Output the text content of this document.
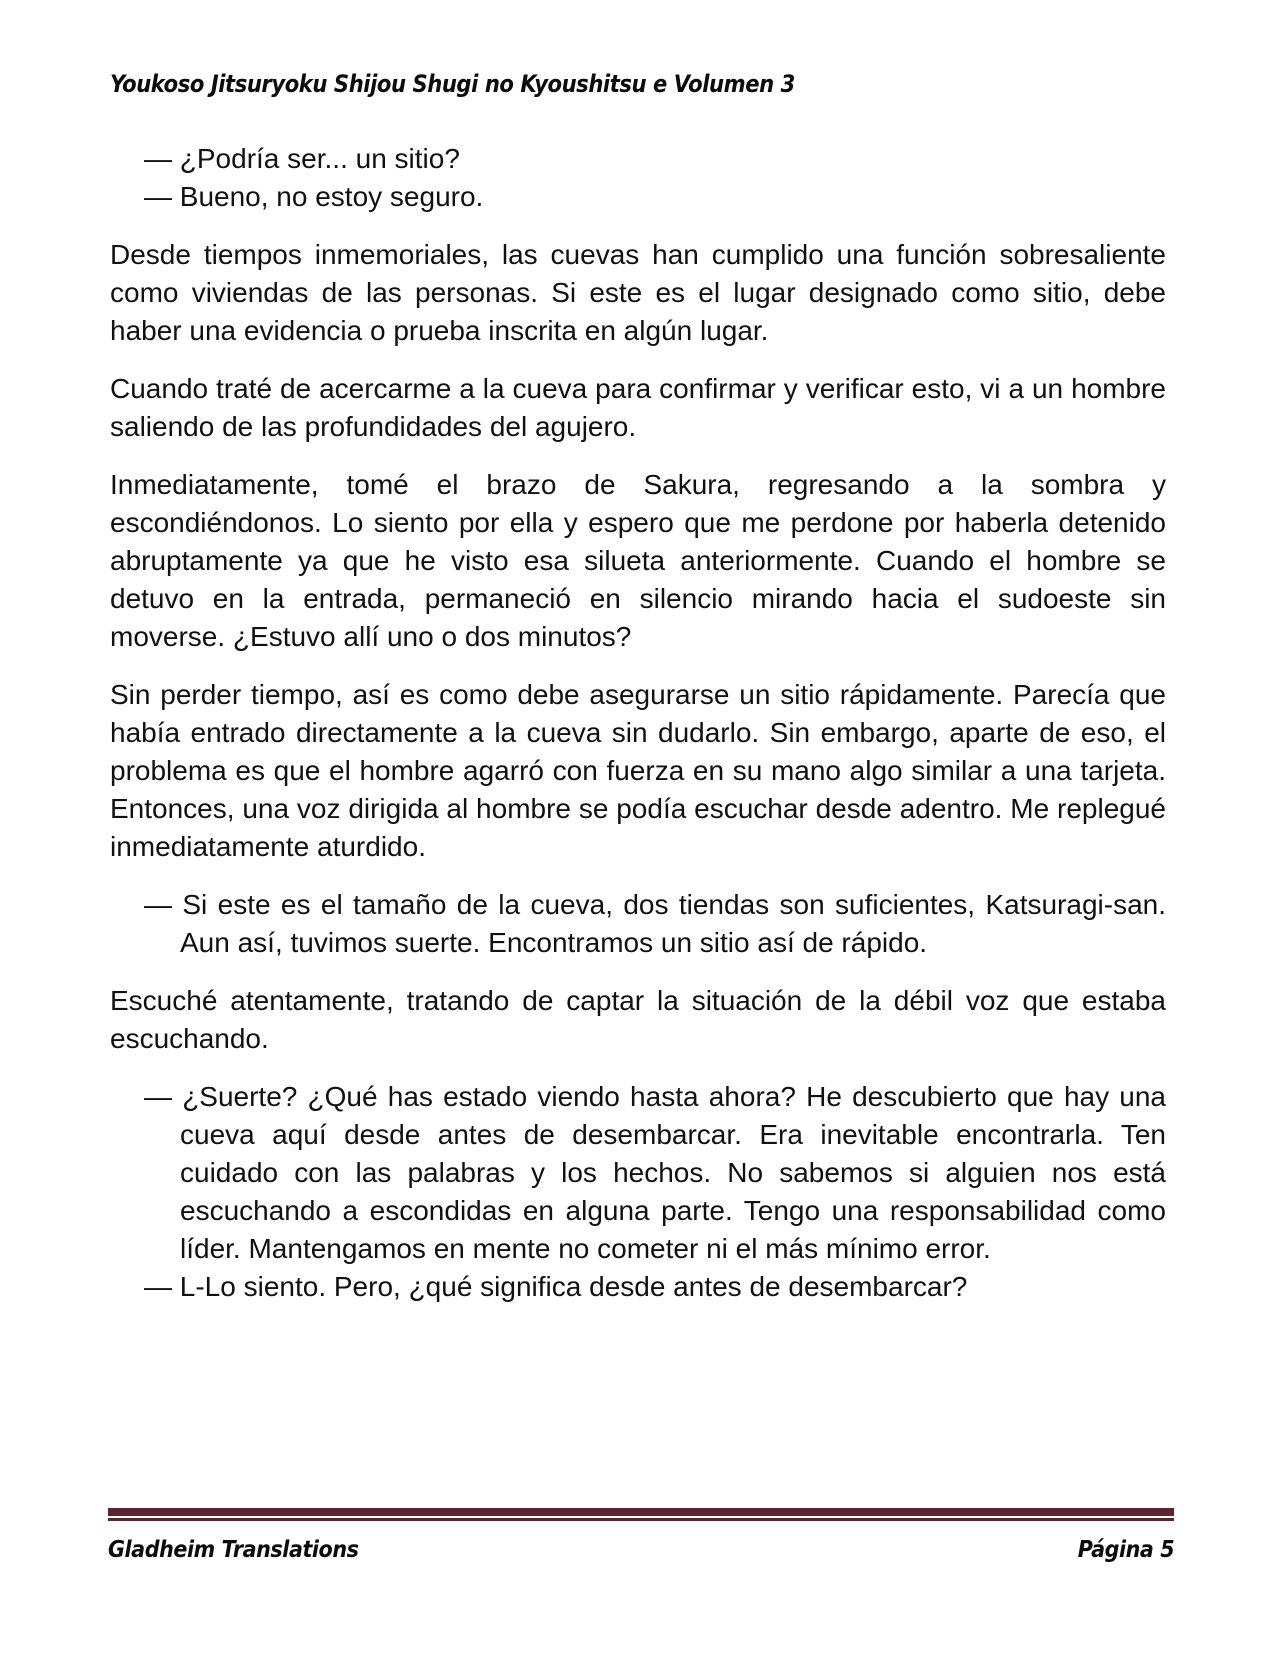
Youkoso Jitsuryoku Shijou Shugi no Kyoushitsu e Volumen 3

— ¿Podría ser... un sitio?

— Bueno, no estoy seguro.

Desde tiempos inmemoriales, las cuevas han cumplido una función sobresaliente como viviendas de las personas. Si este es el lugar designado como sitio, debe haber una evidencia o prueba inscrita en algún lugar.

Cuando traté de acercarme a la cueva para confirmar y verificar esto, vi a un hombre saliendo de las profundidades del agujero.

Inmediatamente, tomé el brazo de Sakura, regresando a la sombra y escondiéndonos. Lo siento por ella y espero que me perdone por haberla detenido abruptamente ya que he visto esa silueta anteriormente. Cuando el hombre se detuvo en la entrada, permaneció en silencio mirando hacia el sudoeste sin moverse. ¿Estuvo allí uno o dos minutos?

Sin perder tiempo, así es como debe asegurarse un sitio rápidamente. Parecía que había entrado directamente a la cueva sin dudarlo. Sin embargo, aparte de eso, el problema es que el hombre agarró con fuerza en su mano algo similar a una tarjeta. Entonces, una voz dirigida al hombre se podía escuchar desde adentro. Me replegué inmediatamente aturdido.

— Si este es el tamaño de la cueva, dos tiendas son suficientes, Katsuragi-san. Aun así, tuvimos suerte. Encontramos un sitio así de rápido.

Escuché atentamente, tratando de captar la situación de la débil voz que estaba escuchando.

— ¿Suerte? ¿Qué has estado viendo hasta ahora? He descubierto que hay una cueva aquí desde antes de desembarcar. Era inevitable encontrarla. Ten cuidado con las palabras y los hechos. No sabemos si alguien nos está escuchando a escondidas en alguna parte. Tengo una responsabilidad como líder. Mantengamos en mente no cometer ni el más mínimo error.

— L-Lo siento. Pero, ¿qué significa desde antes de desembarcar?

Gladheim Translations	Página 5
